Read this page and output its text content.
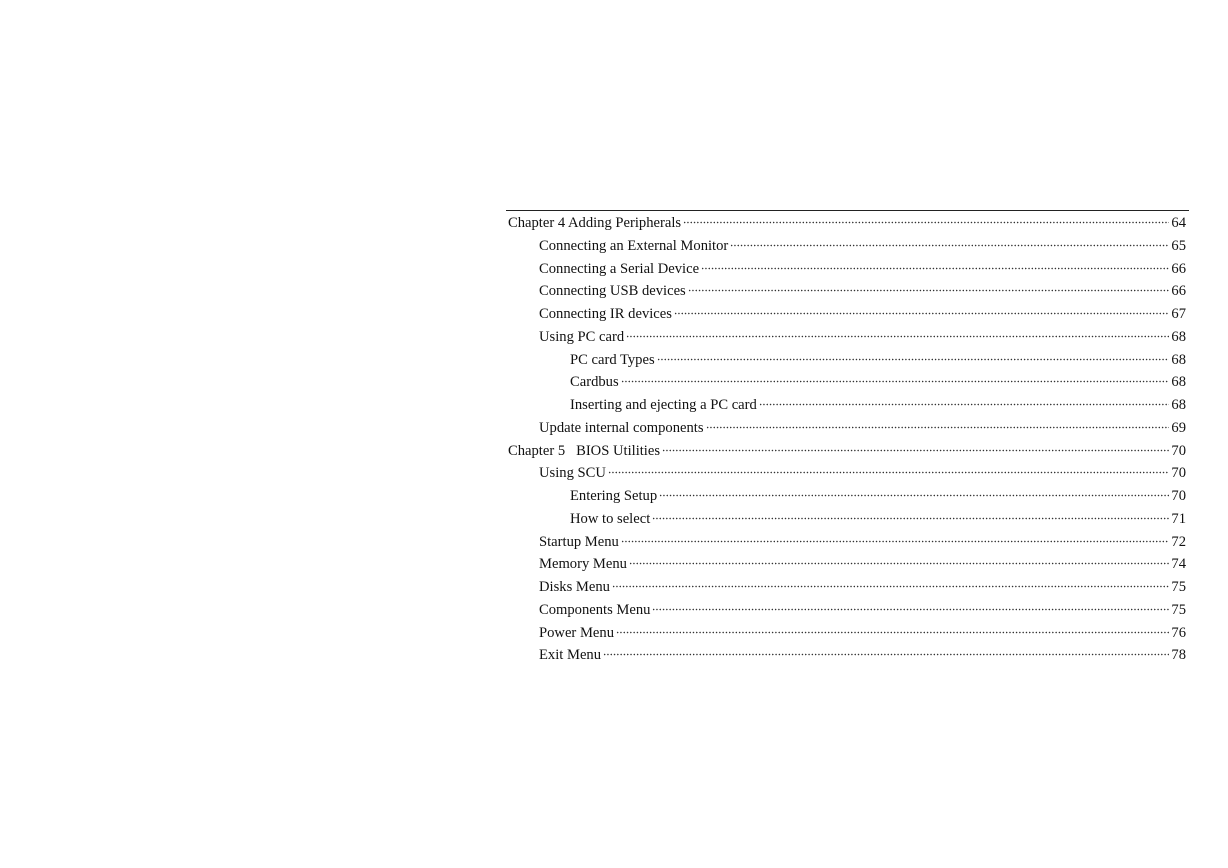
Chapter 4 Adding Peripherals	64
Connecting an External Monitor	65
Connecting a Serial Device	66
Connecting USB devices	66
Connecting IR devices	67
Using PC card	68
PC card Types	68
Cardbus	68
Inserting and ejecting a PC card	68
Update internal components	69
Chapter 5   BIOS Utilities	70
Using SCU	70
Entering Setup	70
How to select	71
Startup Menu	72
Memory Menu	74
Disks Menu	75
Components Menu	75
Power Menu	76
Exit Menu	78
